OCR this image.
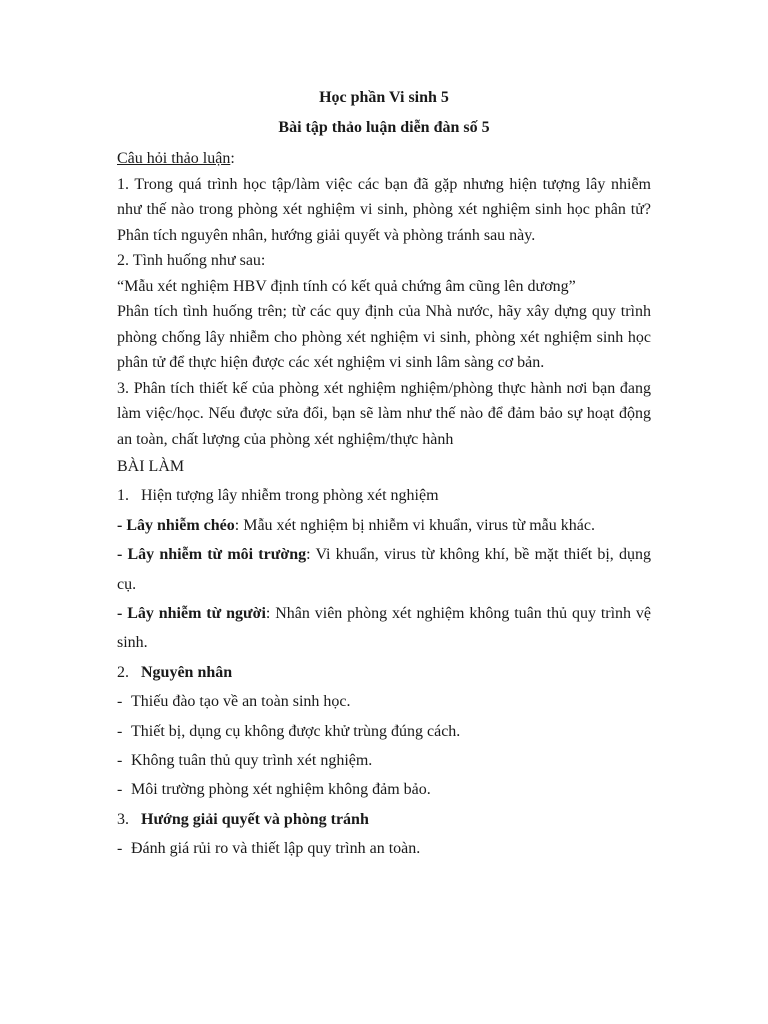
Học phần Vi sinh 5

Bài tập thảo luận diễn đàn số 5

Câu hỏi thảo luận:

1. Trong quá trình học tập/làm việc các bạn đã gặp nhưng hiện tượng lây nhiễm như thế nào trong phòng xét nghiệm vi sinh, phòng xét nghiệm sinh học phân tử? Phân tích nguyên nhân, hướng giải quyết và phòng tránh sau này.

2. Tình huống như sau:

“Mẫu xét nghiệm HBV định tính có kết quả chứng âm cũng lên dương”

Phân tích tình huống trên; từ các quy định của Nhà nước, hãy xây dựng quy trình phòng chống lây nhiễm cho phòng xét nghiệm vi sinh, phòng xét nghiệm sinh học phân tử để thực hiện được các xét nghiệm vi sinh lâm sàng cơ bản.

3. Phân tích thiết kế của phòng xét nghiệm nghiệm/phòng thực hành nơi bạn đang làm việc/học. Nếu được sửa đổi, bạn sẽ làm như thế nào để đảm bảo sự hoạt động an toàn, chất lượng của phòng xét nghiệm/thực hành

BÀI LÀM

1. Hiện tượng lây nhiễm trong phòng xét nghiệm

- Lây nhiễm chéo: Mẫu xét nghiệm bị nhiễm vi khuẩn, virus từ mẫu khác.

- Lây nhiễm từ môi trường: Vi khuẩn, virus từ không khí, bề mặt thiết bị, dụng cụ.

- Lây nhiễm từ người: Nhân viên phòng xét nghiệm không tuân thủ quy trình vệ sinh.

2. Nguyên nhân

- Thiếu đào tạo về an toàn sinh học.

- Thiết bị, dụng cụ không được khử trùng đúng cách.

- Không tuân thủ quy trình xét nghiệm.

- Môi trường phòng xét nghiệm không đảm bảo.

3. Hướng giải quyết và phòng tránh

- Đánh giá rủi ro và thiết lập quy trình an toàn.
